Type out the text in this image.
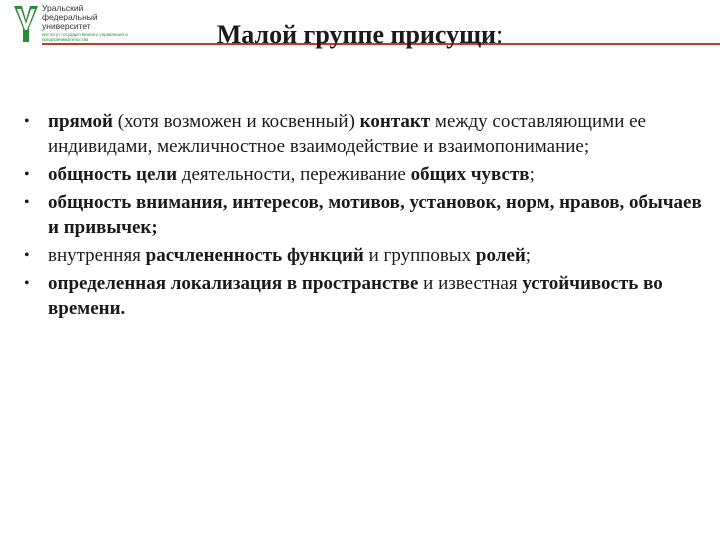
Уральский
федеральный
университет
институт государственного управления и предпринимательства	Малой группе присущи:
• прямой (хотя возможен и косвенный) контакт между составляющими ее индивидами, межличностное взаимодействие и взаимопонимание;
• общность цели деятельности, переживание общих чувств;
• общность внимания, интересов, мотивов, установок, норм, нравов, обычаев и привычек;
• внутренняя расчлененность функций и групповых ролей;
• определенная локализация в пространстве и известная устойчивость во времени.
